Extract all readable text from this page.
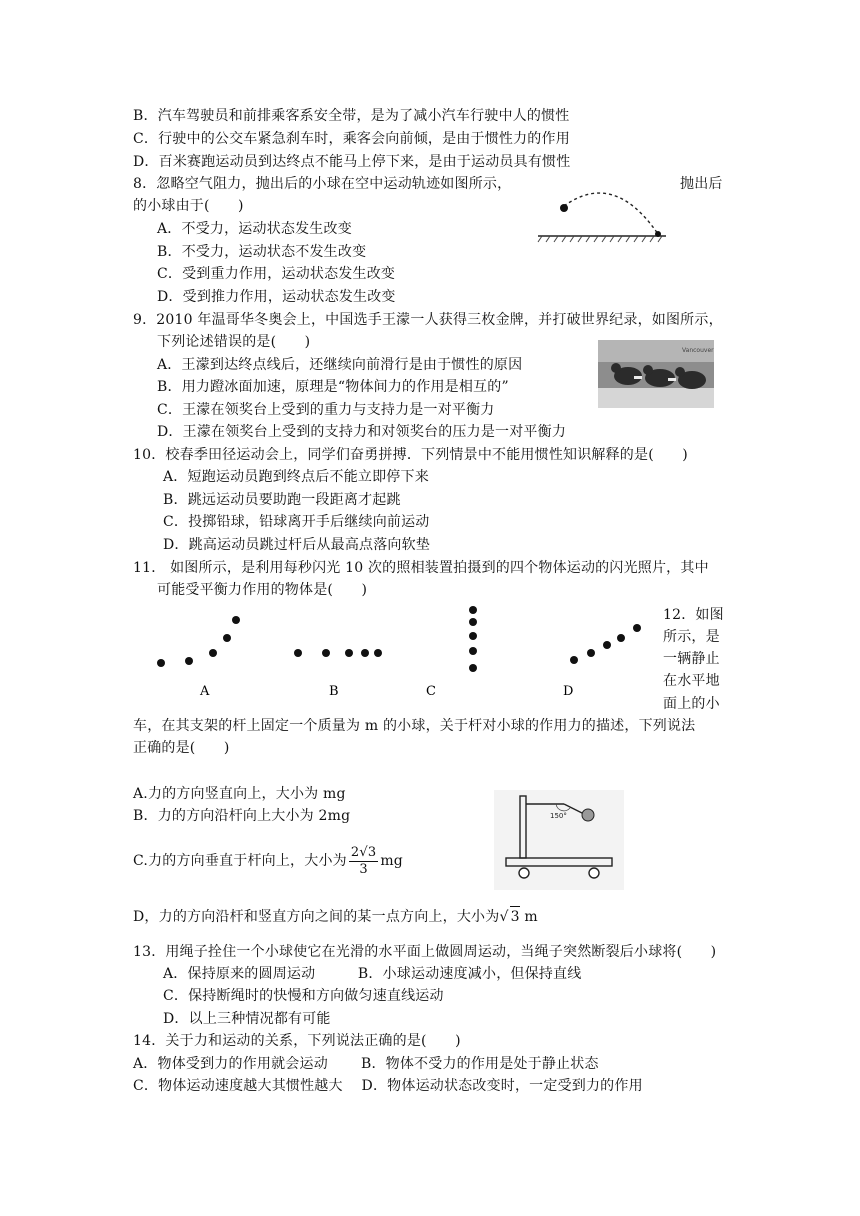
B．汽车驾驶员和前排乘客系安全带，是为了减小汽车行驶中人的惯性
C．行驶中的公交车紧急刹车时，乘客会向前倾，是由于惯性力的作用
D．百米赛跑运动员到达终点不能马上停下来，是由于运动员具有惯性
8．忽略空气阻力，抛出后的小球在空中运动轨迹如图所示，	抛出后
的小球由于(　　)
A．不受力，运动状态发生改变
B．不受力，运动状态不发生改变
C．受到重力作用，运动状态发生改变
D．受到推力作用，运动状态发生改变
9．2010 年温哥华冬奥会上，中国选手王濛一人获得三枚金牌，并打破世界纪录，如图所示，
下列论述错误的是(　　)
A．王濛到达终点线后，还继续向前滑行是由于惯性的原因
B．用力蹬冰面加速，原理是“物体间力的作用是相互的”
C．王濛在领奖台上受到的重力与支持力是一对平衡力
D．王濛在领奖台上受到的支持力和对领奖台的压力是一对平衡力
Vancouver
10．校春季田径运动会上，同学们奋勇拼搏．下列情景中不能用惯性知识解释的是(　　)
A．短跑运动员跑到终点后不能立即停下来
B．跳远运动员要助跑一段距离才起跳
C．投掷铅球，铅球离开手后继续向前运动
D．跳高运动员跳过杆后从最高点落向软垫
11． 如图所示，是利用每秒闪光 10 次的照相装置拍摄到的四个物体运动的闪光照片，其中
可能受平衡力作用的物体是(　　)
A	B	C	D
12．如图
所示，是
一辆静止
在水平地
面上的小
车，在其支架的杆上固定一个质量为 m 的小球，关于杆对小球的作用力的描述，下列说法
正确的是(　　)
A.力的方向竖直向上，大小为 mg
B．力的方向沿杆向上大小为 2mg
C.力的方向垂直于杆向上，大小为 $\frac{2√3}{3}$ mg
D，力的方向沿杆和竖直方向之间的某一点方向上，大小为√ 3 m
150°
13．用绳子拴住一个小球使它在光滑的水平面上做圆周运动，当绳子突然断裂后小球将(　　)
A．保持原来的圆周运动　　　B．小球运动速度减小，但保持直线
C．保持断绳时的快慢和方向做匀速直线运动
D．以上三种情况都有可能
14．关于力和运动的关系，下列说法正确的是(　　)
A．物体受到力的作用就会运动　　 B．物体不受力的作用是处于静止状态
C．物体运动速度越大其惯性越大　 D．物体运动状态改变时，一定受到力的作用
